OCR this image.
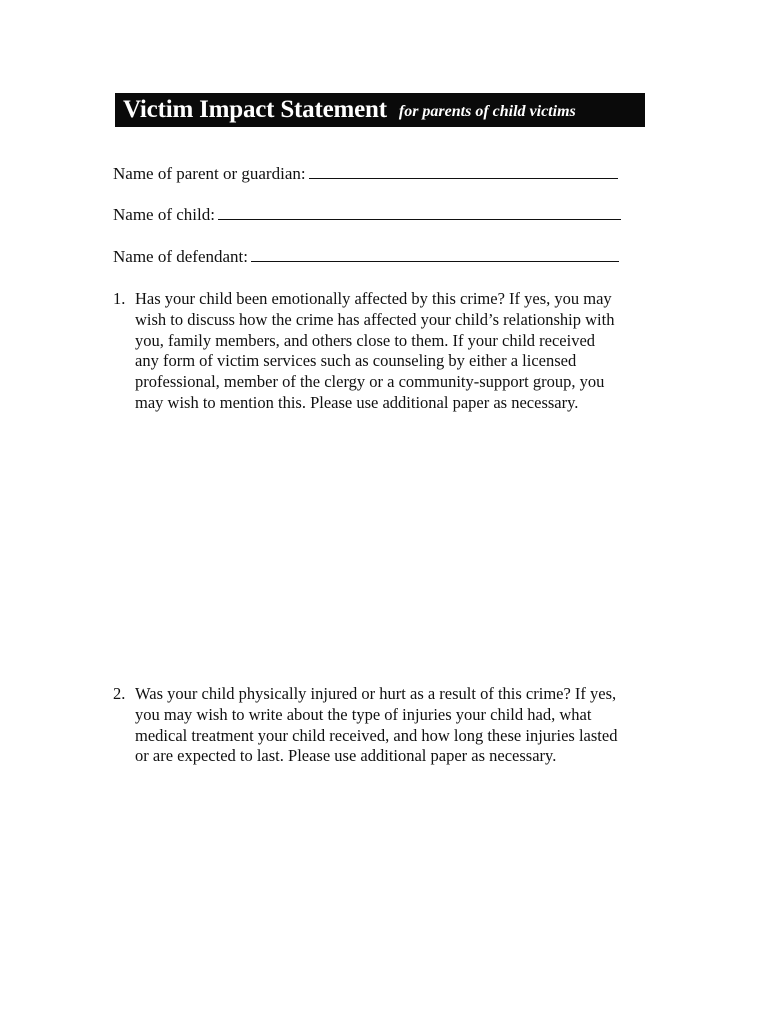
Victim Impact Statement for parents of child victims
Name of parent or guardian:
Name of child:
Name of defendant:
1. Has your child been emotionally affected by this crime? If yes, you may
wish to discuss how the crime has affected your child’s relationship with
you, family members, and others close to them. If your child received
any form of victim services such as counseling by either a licensed
professional, member of the clergy or a community-support group, you
may wish to mention this. Please use additional paper as necessary.
2. Was your child physically injured or hurt as a result of this crime? If yes,
you may wish to write about the type of injuries your child had, what
medical treatment your child received, and how long these injuries lasted
or are expected to last. Please use additional paper as necessary.
